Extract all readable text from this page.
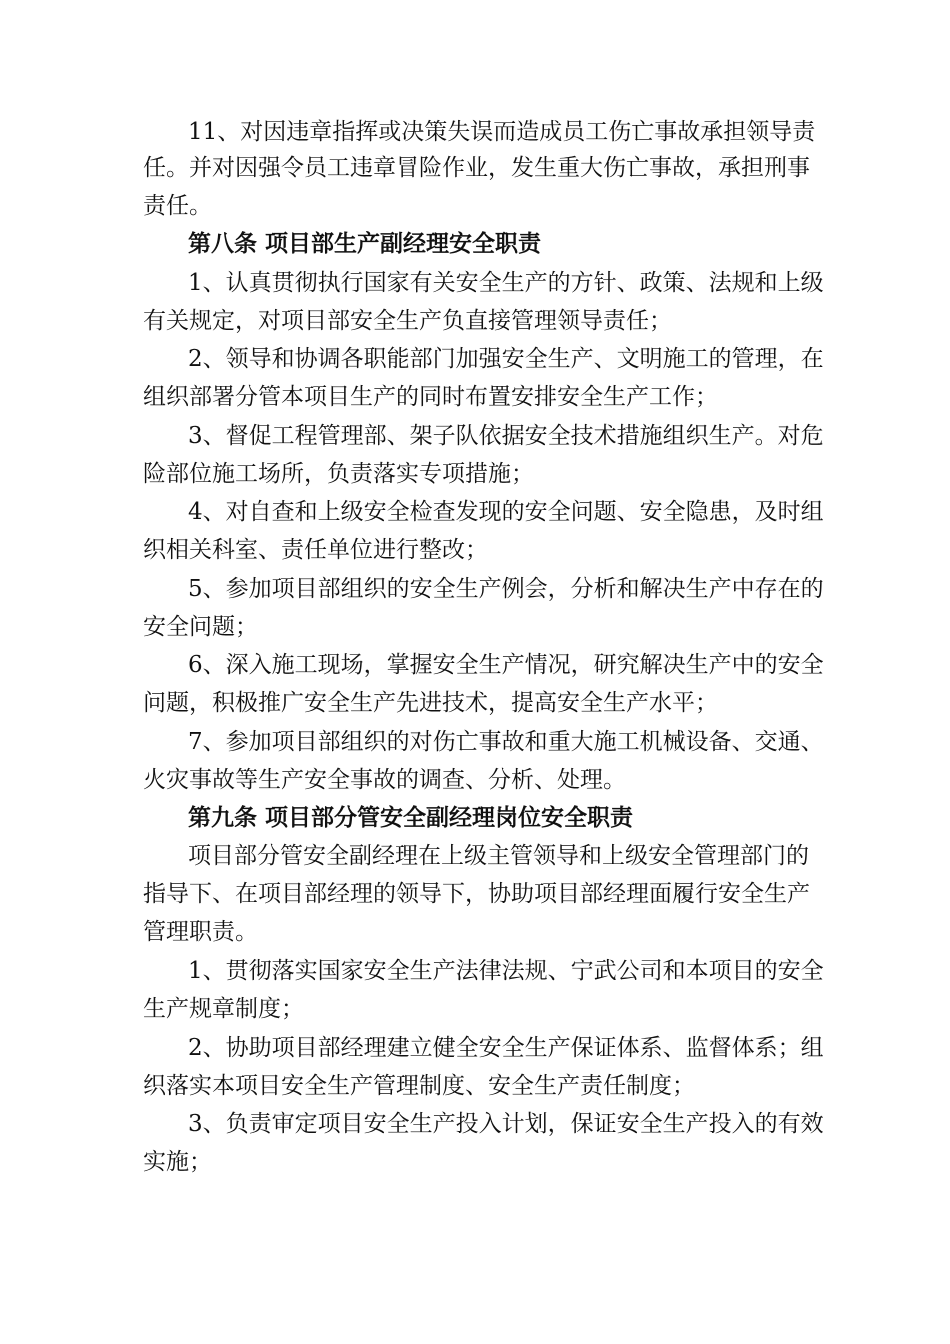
11、对因违章指挥或决策失误而造成员工伤亡事故承担领导责
任。并对因强令员工违章冒险作业，发生重大伤亡事故，承担刑事
责任。
第八条 项目部生产副经理安全职责
1、认真贯彻执行国家有关安全生产的方针、政策、法规和上级
有关规定，对项目部安全生产负直接管理领导责任；
2、领导和协调各职能部门加强安全生产、文明施工的管理，在
组织部署分管本项目生产的同时布置安排安全生产工作；
3、督促工程管理部、架子队依据安全技术措施组织生产。对危
险部位施工场所，负责落实专项措施；
4、对自查和上级安全检查发现的安全问题、安全隐患，及时组
织相关科室、责任单位进行整改；
5、参加项目部组织的安全生产例会，分析和解决生产中存在的
安全问题；
6、深入施工现场，掌握安全生产情况，研究解决生产中的安全
问题，积极推广安全生产先进技术，提高安全生产水平；
7、参加项目部组织的对伤亡事故和重大施工机械设备、交通、
火灾事故等生产安全事故的调查、分析、处理。
第九条 项目部分管安全副经理岗位安全职责
项目部分管安全副经理在上级主管领导和上级安全管理部门的
指导下、在项目部经理的领导下，协助项目部经理面履行安全生产
管理职责。
1、贯彻落实国家安全生产法律法规、宁武公司和本项目的安全
生产规章制度；
2、协助项目部经理建立健全安全生产保证体系、监督体系；组
织落实本项目安全生产管理制度、安全生产责任制度；
3、负责审定项目安全生产投入计划，保证安全生产投入的有效
实施；
